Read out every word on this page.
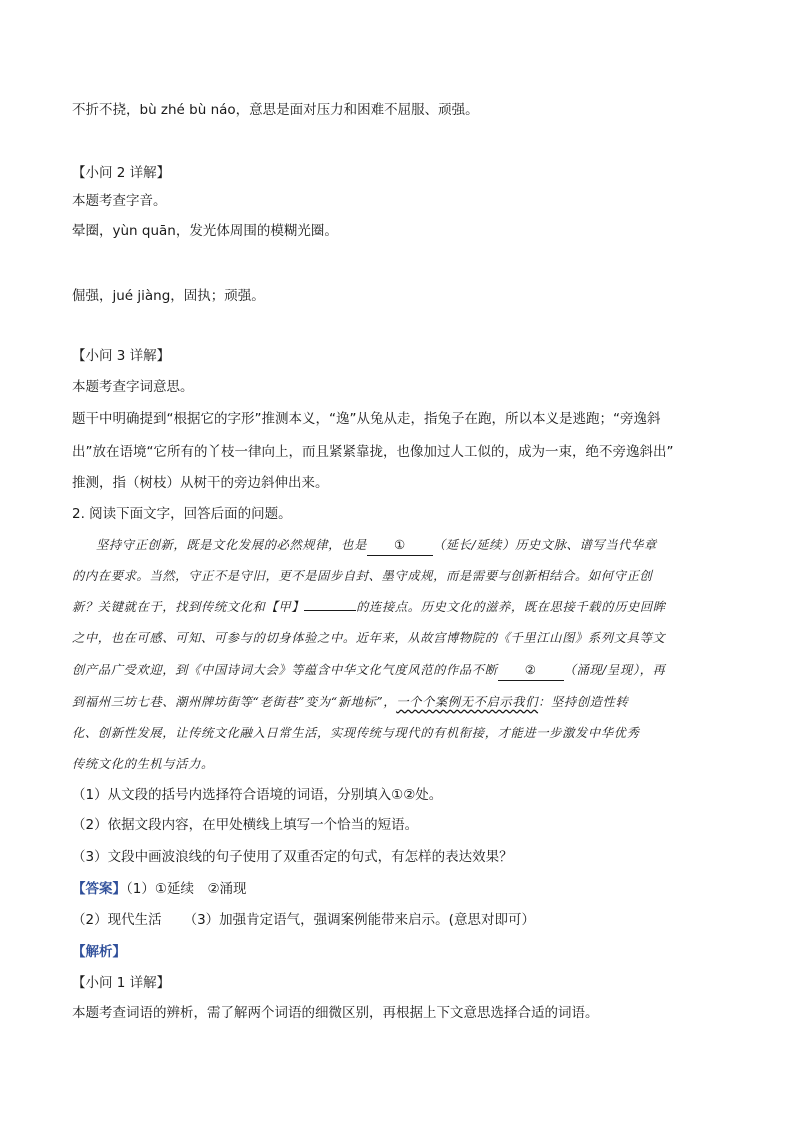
不折不挠，bù zhé bù náo，意思是面对压力和困难不屈服、顽强。
【小问 2 详解】
本题考查字音。
晕圈，yùn quān，发光体周围的模糊光圈。
倔强，jué jiàng，固执；顽强。
【小问 3 详解】
本题考查字词意思。
题干中明确提到“根据它的字形”推测本义，“逸”从兔从走，指兔子在跑，所以本义是逃跑；“旁逸斜
出”放在语境“它所有的丫枝一律向上，而且紧紧靠拢，也像加过人工似的，成为一束，绝不旁逸斜出”
推测，指（树枝）从树干的旁边斜伸出来。
2. 阅读下面文字，回答后面的问题。
坚持守正创新，既是文化发展的必然规律，也是 ① （延长/延续）历史文脉、谱写当代华章
的内在要求。当然，守正不是守旧，更不是固步自封、墨守成规，而是需要与创新相结合。如何守正创
新？关键就在于，找到传统文化和【甲】	的连接点。历史文化的滋养，既在思接千载的历史回眸
之中，也在可感、可知、可参与的切身体验之中。近年来，从故宫博物院的《千里江山图》系列文具等文
创产品广受欢迎，到《中国诗词大会》等蕴含中华文化气度风范的作品不断 ② （涌现/呈现），再
到福州三坊七巷、潮州牌坊街等“老街巷”变为“新地标”，一个个案例无不启示我们：坚持创造性转
化、创新性发展，让传统文化融入日常生活，实现传统与现代的有机衔接，才能进一步激发中华优秀
传统文化的生机与活力。
（1）从文段的括号内选择符合语境的词语，分别填入①②处。
（2）依据文段内容，在甲处横线上填写一个恰当的短语。
（3）文段中画波浪线的句子使用了双重否定的句式，有怎样的表达效果？
【答案】（1）①延续　②涌现
（2）现代生活 （3）加强肯定语气，强调案例能带来启示。(意思对即可）
【解析】
【小问 1 详解】
本题考查词语的辨析，需了解两个词语的细微区别，再根据上下文意思选择合适的词语。
